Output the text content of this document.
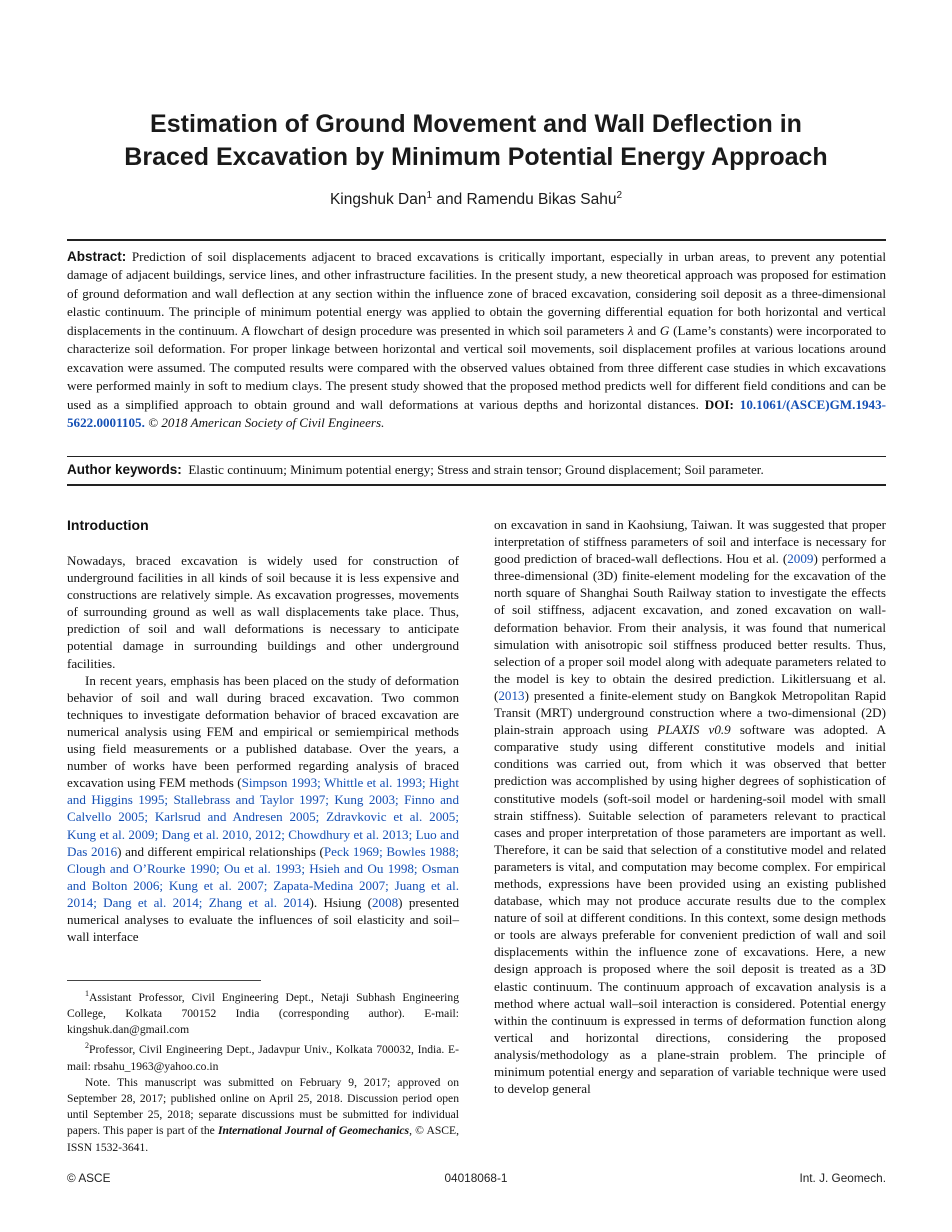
Estimation of Ground Movement and Wall Deflection in
Braced Excavation by Minimum Potential Energy Approach
Kingshuk Dan$^1$ and Ramendu Bikas Sahu$^2$

Abstract: Prediction of soil displacements adjacent to braced excavations is critically important, especially in urban areas, to prevent any potential damage of adjacent buildings, service lines, and other infrastructure facilities. In the present study, a new theoretical approach was proposed for estimation of ground deformation and wall deflection at any section within the influence zone of braced excavation, considering soil deposit as a three-dimensional elastic continuum. The principle of minimum potential energy was applied to obtain the governing differential equation for both horizontal and vertical displacements in the continuum. A flowchart of design procedure was presented in which soil parameters λ and G (Lame’s constants) were incorporated to characterize soil deformation. For proper linkage between horizontal and vertical soil movements, soil displacement profiles at various locations around excavation were assumed. The computed results were compared with the observed values obtained from three different case studies in which excavations were performed mainly in soft to medium clays. The present study showed that the proposed method predicts well for different field conditions and can be used as a simplified approach to obtain ground and wall deformations at various depths and horizontal distances. DOI: 10.1061/(ASCE)GM.1943-5622.0001105. © 2018 American Society of Civil Engineers.

Author keywords: Elastic continuum; Minimum potential energy; Stress and strain tensor; Ground displacement; Soil parameter.

Introduction

Nowadays, braced excavation is widely used for construction of underground facilities in all kinds of soil because it is less expensive and constructions are relatively simple. As excavation progresses, movements of surrounding ground as well as wall displacements take place. Thus, prediction of soil and wall deformations is necessary to anticipate potential damage in surrounding buildings and other underground facilities.

In recent years, emphasis has been placed on the study of deformation behavior of soil and wall during braced excavation. Two common techniques to investigate deformation behavior of braced excavation are numerical analysis using FEM and empirical or semiempirical methods using field measurements or a published database. Over the years, a number of works have been performed regarding analysis of braced excavation using FEM methods (Simpson 1993; Whittle et al. 1993; Hight and Higgins 1995; Stallebrass and Taylor 1997; Kung 2003; Finno and Calvello 2005; Karlsrud and Andresen 2005; Zdravkovic et al. 2005; Kung et al. 2009; Dang et al. 2010, 2012; Chowdhury et al. 2013; Luo and Das 2016) and different empirical relationships (Peck 1969; Bowles 1988; Clough and O’Rourke 1990; Ou et al. 1993; Hsieh and Ou 1998; Osman and Bolton 2006; Kung et al. 2007; Zapata-Medina 2007; Juang et al. 2014; Dang et al. 2014; Zhang et al. 2014). Hsiung (2008) presented numerical analyses to evaluate the influences of soil elasticity and soil–wall interface

$^1$Assistant Professor, Civil Engineering Dept., Netaji Subhash Engineering College, Kolkata 700152 India (corresponding author). E-mail: kingshuk.dan@gmail.com

$^2$Professor, Civil Engineering Dept., Jadavpur Univ., Kolkata 700032, India. E-mail: rbsahu_1963@yahoo.co.in

Note. This manuscript was submitted on February 9, 2017; approved on September 28, 2017; published online on April 25, 2018. Discussion period open until September 25, 2018; separate discussions must be submitted for individual papers. This paper is part of the International Journal of Geomechanics, © ASCE, ISSN 1532-3641.

on excavation in sand in Kaohsiung, Taiwan. It was suggested that proper interpretation of stiffness parameters of soil and interface is necessary for good prediction of braced-wall deflections. Hou et al. (2009) performed a three-dimensional (3D) finite-element modeling for the excavation of the north square of Shanghai South Railway station to investigate the effects of soil stiffness, adjacent excavation, and zoned excavation on wall-deformation behavior. From their analysis, it was found that numerical simulation with anisotropic soil stiffness produced better results. Thus, selection of a proper soil model along with adequate parameters related to the model is key to obtain the desired prediction. Likitlersuang et al. (2013) presented a finite-element study on Bangkok Metropolitan Rapid Transit (MRT) underground construction where a two-dimensional (2D) plain-strain approach using PLAXIS v0.9 software was adopted. A comparative study using different constitutive models and initial conditions was carried out, from which it was observed that better prediction was accomplished by using higher degrees of sophistication of constitutive models (soft-soil model or hardening-soil model with small strain stiffness). Suitable selection of parameters relevant to practical cases and proper interpretation of those parameters are important as well. Therefore, it can be said that selection of a constitutive model and related parameters is vital, and computation may become complex. For empirical methods, expressions have been provided using an existing published database, which may not produce accurate results due to the complex nature of soil at different conditions. In this context, some design methods or tools are always preferable for convenient prediction of wall and soil displacements within the influence zone of excavations. Here, a new design approach is proposed where the soil deposit is treated as a 3D elastic continuum. The continuum approach of excavation analysis is a method where actual wall–soil interaction is considered. Potential energy within the continuum is expressed in terms of deformation function along vertical and horizontal directions, considering the proposed analysis/methodology as a plane-strain problem. The principle of minimum potential energy and separation of variable technique were used to develop general

© ASCE	04018068-1	Int. J. Geomech.
